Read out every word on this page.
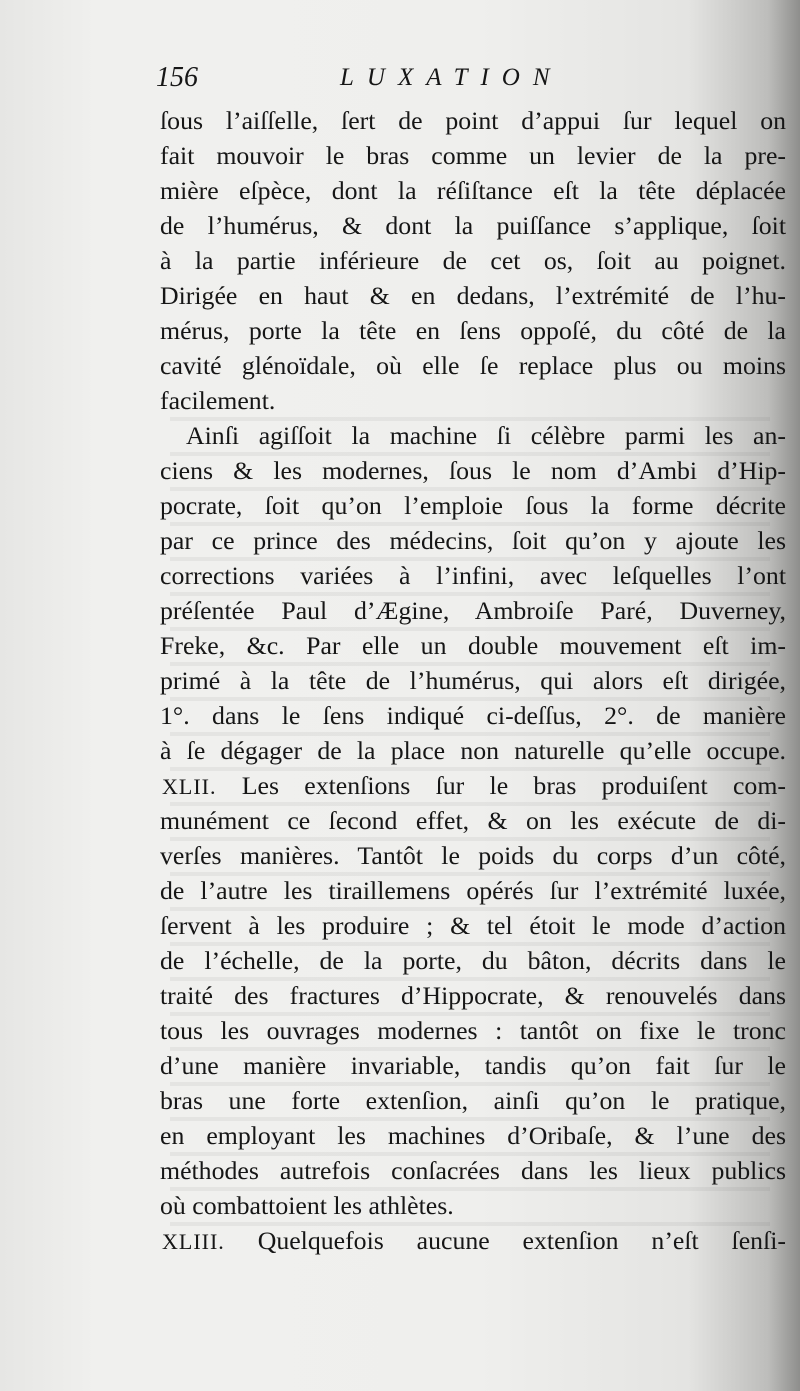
156	LUXATION
ſous l’aiſſelle, ſert de point d’appui ſur lequel on
fait mouvoir le bras comme un levier de la pre-
mière eſpèce, dont la réſiſtance eſt la tête déplacée
de l’humérus, & dont la puiſſance s’applique, ſoit
à la partie inférieure de cet os, ſoit au poignet.
Dirigée en haut & en dedans, l’extrémité de l’hu-
mérus, porte la tête en ſens oppoſé, du côté de la
cavité glénoïdale, où elle ſe replace plus ou moins
facilement.
Ainſi agiſſoit la machine ſi célèbre parmi les an-
ciens & les modernes, ſous le nom d’Ambi d’Hip-
pocrate, ſoit qu’on l’emploie ſous la forme décrite
par ce prince des médecins, ſoit qu’on y ajoute les
corrections variées à l’infini, avec leſquelles l’ont
préſentée Paul d’Ægine, Ambroiſe Paré, Duverney,
Freke, &c. Par elle un double mouvement eſt im-
primé à la tête de l’humérus, qui alors eſt dirigée,
1°. dans le ſens indiqué ci-deſſus, 2°. de manière
à ſe dégager de la place non naturelle qu’elle occupe.
XLII. Les extenſions ſur le bras produiſent com-
munément ce ſecond effet, & on les exécute de di-
verſes manières. Tantôt le poids du corps d’un côté,
de l’autre les tiraillemens opérés ſur l’extrémité luxée,
ſervent à les produire ; & tel étoit le mode d’action
de l’échelle, de la porte, du bâton, décrits dans le
traité des fractures d’Hippocrate, & renouvelés dans
tous les ouvrages modernes : tantôt on fixe le tronc
d’une manière invariable, tandis qu’on fait ſur le
bras une forte extenſion, ainſi qu’on le pratique,
en employant les machines d’Oribaſe, & l’une des
méthodes autrefois conſacrées dans les lieux publics
où combattoient les athlètes.
XLIII. Quelquefois aucune extenſion n’eſt ſenſi-
